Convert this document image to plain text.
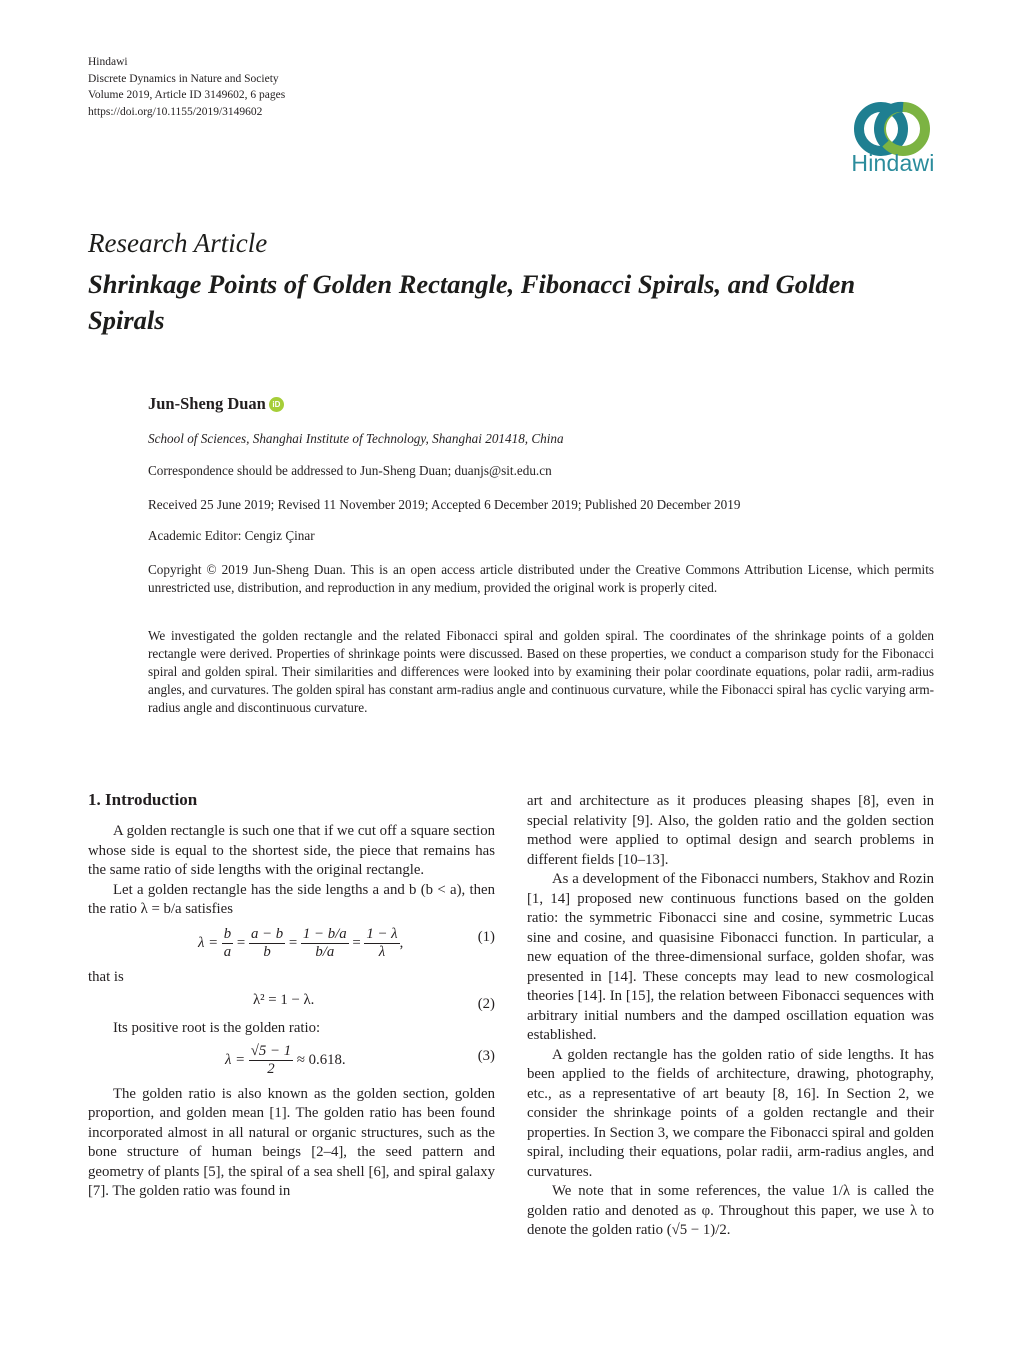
Hindawi
Discrete Dynamics in Nature and Society
Volume 2019, Article ID 3149602, 6 pages
https://doi.org/10.1155/2019/3149602
Hindawi
Research Article
Shrinkage Points of Golden Rectangle, Fibonacci Spirals, and Golden Spirals
Jun-Sheng Duan iD
School of Sciences, Shanghai Institute of Technology, Shanghai 201418, China
Correspondence should be addressed to Jun-Sheng Duan; duanjs@sit.edu.cn
Received 25 June 2019; Revised 11 November 2019; Accepted 6 December 2019; Published 20 December 2019
Academic Editor: Cengiz Çinar
Copyright © 2019 Jun-Sheng Duan. This is an open access article distributed under the Creative Commons Attribution License, which permits unrestricted use, distribution, and reproduction in any medium, provided the original work is properly cited.
We investigated the golden rectangle and the related Fibonacci spiral and golden spiral. The coordinates of the shrinkage points of a golden rectangle were derived. Properties of shrinkage points were discussed. Based on these properties, we conduct a comparison study for the Fibonacci spiral and golden spiral. Their similarities and differences were looked into by examining their polar coordinate equations, polar radii, arm-radius angles, and curvatures. The golden spiral has constant arm-radius angle and continuous curvature, while the Fibonacci spiral has cyclic varying arm-radius angle and discontinuous curvature.

1. Introduction

A golden rectangle is such one that if we cut off a square section whose side is equal to the shortest side, the piece that remains has the same ratio of side lengths with the original rectangle.

Let a golden rectangle has the side lengths a and b (b < a), then the ratio λ = b/a satisfies

$\lambda = \frac{b}{a} = \frac{a - b}{b} = \frac{1 - b/a}{b/a} = \frac{1 - \lambda}{\lambda}$ ,	(1)

that is

λ² = 1 − λ.	(2)

Its positive root is the golden ratio:

$\lambda = \frac{√5 - 1}{2} \approx 0.618$.	(3)

The golden ratio is also known as the golden section, golden proportion, and golden mean [1]. The golden ratio has been found incorporated almost in all natural or organic structures, such as the bone structure of human beings [2–4], the seed pattern and geometry of plants [5], the spiral of a sea shell [6], and spiral galaxy [7]. The golden ratio was found in

art and architecture as it produces pleasing shapes [8], even in special relativity [9]. Also, the golden ratio and the golden section method were applied to optimal design and search problems in different fields [10–13].

As a development of the Fibonacci numbers, Stakhov and Rozin [1, 14] proposed new continuous functions based on the golden ratio: the symmetric Fibonacci sine and cosine, symmetric Lucas sine and cosine, and quasisine Fibonacci function. In particular, a new equation of the three-dimensional surface, golden shofar, was presented in [14]. These concepts may lead to new cosmological theories [14]. In [15], the relation between Fibonacci sequences with arbitrary initial numbers and the damped oscillation equation was established.

A golden rectangle has the golden ratio of side lengths. It has been applied to the fields of architecture, drawing, photography, etc., as a representative of art beauty [8, 16]. In Section 2, we consider the shrinkage points of a golden rectangle and their properties. In Section 3, we compare the Fibonacci spiral and golden spiral, including their equations, polar radii, arm-radius angles, and curvatures.

We note that in some references, the value 1/λ is called the golden ratio and denoted as φ. Throughout this paper, we use λ to denote the golden ratio (√5 − 1)/2.
